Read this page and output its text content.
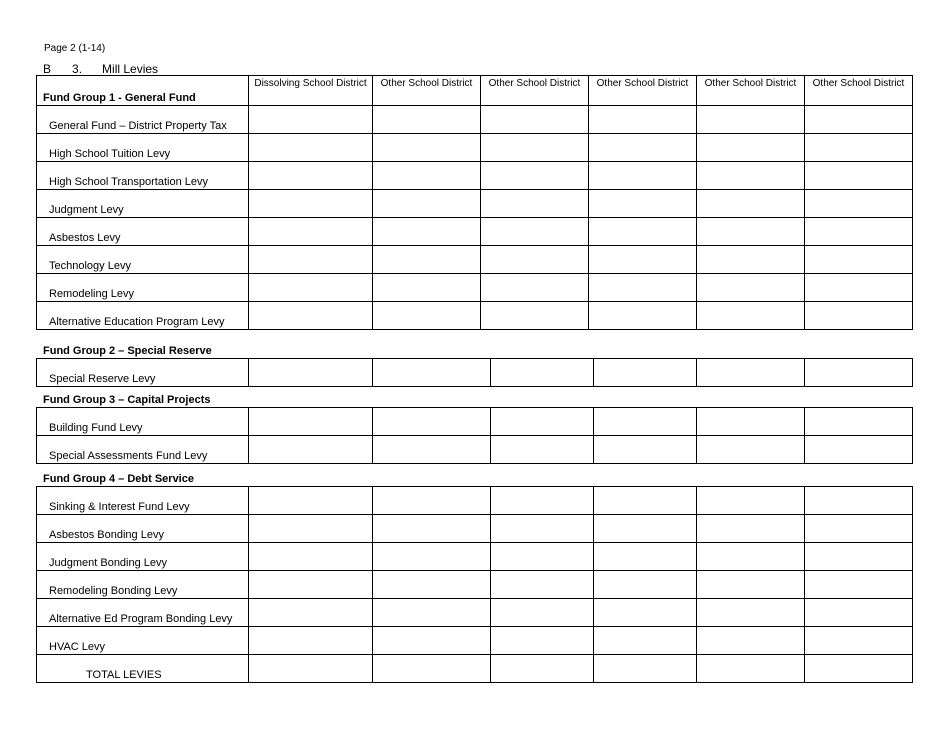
Page 2 (1-14)
B 3. Mill Levies
Fund Group 1 - General Fund	Dissolving School District	Other School District	Other School District	Other School District	Other School District	Other School District
General Fund – District Property Tax						
High School Tuition Levy						
High School Transportation Levy						
Judgment Levy						
Asbestos Levy						
Technology Levy						
Remodeling Levy						
Alternative Education Program Levy						
Fund Group 2 – Special Reserve
Special Reserve Levy						
Fund Group 3 – Capital Projects
Building Fund Levy						
Special Assessments Fund Levy						
Fund Group 4 – Debt Service
Sinking & Interest Fund Levy						
Asbestos Bonding Levy						
Judgment Bonding Levy						
Remodeling Bonding Levy						
Alternative Ed Program Bonding Levy						
HVAC Levy						
TOTAL LEVIES						
